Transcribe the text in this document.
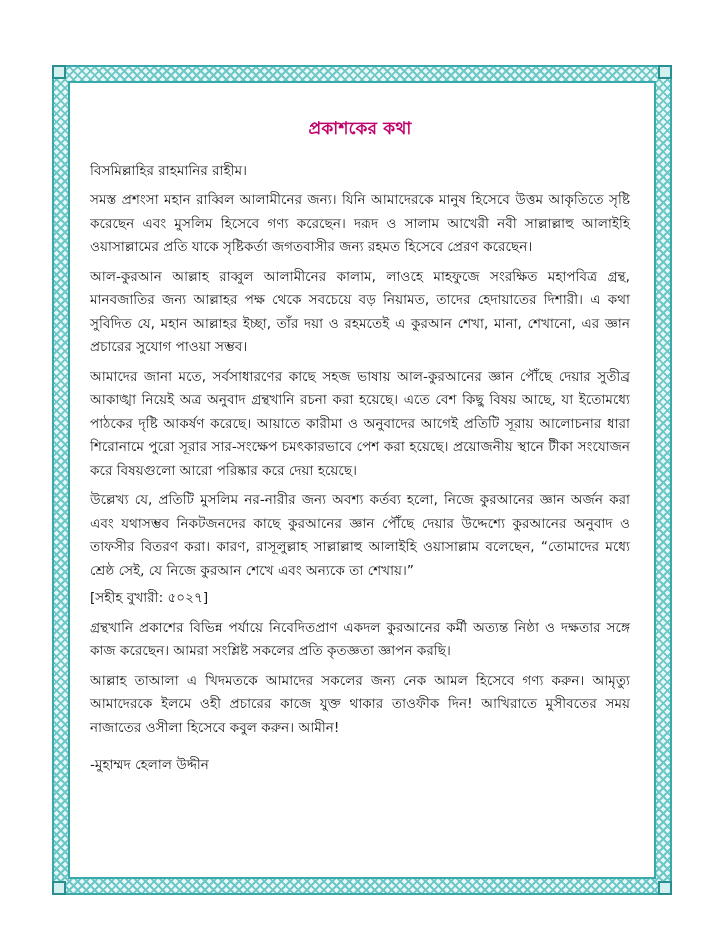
প্রকাশকের কথা

বিসমিল্লাহির রাহমানির রাহীম।

সমস্ত প্রশংসা মহান রাব্বিল আলামীনের জন্য। যিনি আমাদেরকে মানুষ হিসেবে উত্তম আকৃতিতে সৃষ্টি করেছেন এবং মুসলিম হিসেবে গণ্য করেছেন। দরূদ ও সালাম আখেরী নবী সাল্লাল্লাহু আলাইহি ওয়াসাল্লামের প্রতি যাকে সৃষ্টিকর্তা জগতবাসীর জন্য রহমত হিসেবে প্রেরণ করেছেন।

আল-কুরআন আল্লাহ রাব্বুল আলামীনের কালাম, লাওহে মাহফুজে সংরক্ষিত মহাপবিত্র গ্রন্থ, মানবজাতির জন্য আল্লাহর পক্ষ থেকে সবচেয়ে বড় নিয়ামত, তাদের হেদায়াতের দিশারী। এ কথা সুবিদিত যে, মহান আল্লাহর ইচ্ছা, তাঁর দয়া ও রহমতেই এ কুরআন শেখা, মানা, শেখানো, এর জ্ঞান প্রচারের সুযোগ পাওয়া সম্ভব।

আমাদের জানা মতে, সর্বসাধারণের কাছে সহজ ভাষায় আল-কুরআনের জ্ঞান পৌঁছে দেয়ার সুতীব্র আকাঙ্খা নিয়েই অত্র অনুবাদ গ্রন্থখানি রচনা করা হয়েছে। এতে বেশ কিছু বিষয় আছে, যা ইতোমধ্যে পাঠকের দৃষ্টি আকর্ষণ করেছে। আয়াতে কারীমা ও অনুবাদের আগেই প্রতিটি সূরায় আলোচনার ধারা শিরোনামে পুরো সূরার সার-সংক্ষেপ চমৎকারভাবে পেশ করা হয়েছে। প্রয়োজনীয় স্থানে টীকা সংযোজন করে বিষয়গুলো আরো পরিষ্কার করে দেয়া হয়েছে।

উল্লেখ্য যে, প্রতিটি মুসলিম নর-নারীর জন্য অবশ্য কর্তব্য হলো, নিজে কুরআনের জ্ঞান অর্জন করা এবং যথাসম্ভব নিকটজনদের কাছে কুরআনের জ্ঞান পৌঁছে দেয়ার উদ্দেশ্যে কুরআনের অনুবাদ ও তাফসীর বিতরণ করা। কারণ, রাসূলুল্লাহ সাল্লাল্লাহু আলাইহি ওয়াসাল্লাম বলেছেন, “তোমাদের মধ্যে শ্রেষ্ঠ সেই, যে নিজে কুরআন শেখে এবং অন্যকে তা শেখায়।”

[সহীহ বুখারী: ৫০২৭]

গ্রন্থখানি প্রকাশের বিভিন্ন পর্যায়ে নিবেদিতপ্রাণ একদল কুরআনের কর্মী অত্যন্ত নিষ্ঠা ও দক্ষতার সঙ্গে কাজ করেছেন। আমরা সংশ্লিষ্ট সকলের প্রতি কৃতজ্ঞতা জ্ঞাপন করছি।

আল্লাহ তাআলা এ খিদমতকে আমাদের সকলের জন্য নেক আমল হিসেবে গণ্য করুন। আমৃত্যু আমাদেরকে ইলমে ওহী প্রচারের কাজে যুক্ত থাকার তাওফীক দিন! আখিরাতে মুসীবতের সময় নাজাতের ওসীলা হিসেবে কবুল করুন। আমীন!

-মুহাম্মদ হেলাল উদ্দীন
